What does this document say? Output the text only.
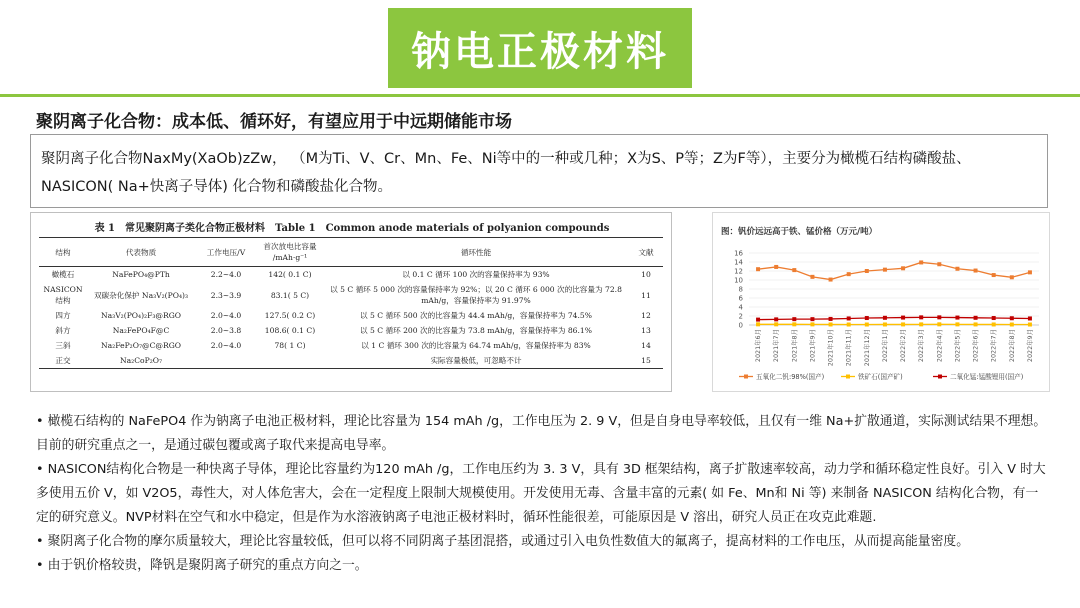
钠电正极材料
聚阴离子化合物：成本低、循环好，有望应用于中远期储能市场
聚阴离子化合物NaxMy(XaOb)zZw， （M为Ti、V、Cr、Mn、Fe、Ni等中的一种或几种；X为S、P等；Z为F等），主要分为橄榄石结构磷酸盐、NASICON( Na+快离子导体) 化合物和磷酸盐化合物。
表 1　常见聚阴离子类化合物正极材料　Table 1　Common anode materials of polyanion compounds
结构	代表物质	工作电压/V	首次放电比容量 /mAh·g⁻¹	循环性能	文献
橄榄石	NaFePO₄@PTh	2.2~4.0	142( 0.1 C)	以 0.1 C 循环 100 次的容量保持率为 93%	10
NASICON 结构	双碳杂化保护 Na₃V₂(PO₄)₃	2.3~3.9	83.1( 5 C)	以 5 C 循环 5 000 次的容量保持率为 92%；以 20 C 循环 6 000 次的比容量为 72.8 mAh/g，容量保持率为 91.97%	11
四方	Na₃V₂(PO₄)₂F₃@RGO	2.0~4.0	127.5( 0.2 C)	以 5 C 循环 500 次的比容量为 44.4 mAh/g，容量保持率为 74.5%	12
斜方	Na₂FePO₄F@C	2.0~3.8	108.6( 0.1 C)	以 5 C 循环 200 次的比容量为 73.8 mAh/g，容量保持率为 86.1%	13
三斜	Na₂FeP₂O₇@C@RGO	2.0~4.0	78( 1 C)	以 1 C 循环 300 次的比容量为 64.74 mAh/g，容量保持率为 83%	14
正交	Na₂CoP₂O₇			实际容量极低，可忽略不计	15
图：钒价远远高于铁、锰价格（万元/吨）
0
2
4
6
8
10
12
14
16
2021年6月 2021年7月 2021年8月 2021年9月 2021年10月 2021年11月 2021年12月 2022年1月 2022年2月 2022年3月 2022年4月 2022年5月 2022年6月 2022年7月 2022年8月 2022年9月
五氧化二钒:98%(国产)	铁矿石(国产矿)	二氧化锰:锰酸锂用(国产)

• 橄榄石结构的 NaFePO4 作为钠离子电池正极材料，理论比容量为 154 mAh /g，工作电压为 2. 9 V，但是自身电导率较低，且仅有一维 Na+扩散通道，实际测试结果不理想。目前的研究重点之一，是通过碳包覆或离子取代来提高电导率。

• NASICON结构化合物是一种快离子导体，理论比容量约为120 mAh /g，工作电压约为 3. 3 V，具有 3D 框架结构，离子扩散速率较高，动力学和循环稳定性良好。引入 V 时大多使用五价 V，如 V2O5，毒性大，对人体危害大，会在一定程度上限制大规模使用。开发使用无毒、含量丰富的元素( 如 Fe、Mn和 Ni 等) 来制备 NASICON 结构化合物，有一定的研究意义。NVP材料在空气和水中稳定，但是作为水溶液钠离子电池正极材料时，循环性能很差，可能原因是 V 溶出，研究人员正在攻克此难题.

• 聚阴离子化合物的摩尔质量较大，理论比容量较低，但可以将不同阴离子基团混搭，或通过引入电负性数值大的氟离子，提高材料的工作电压，从而提高能量密度。

• 由于钒价格较贵，降钒是聚阴离子研究的重点方向之一。
